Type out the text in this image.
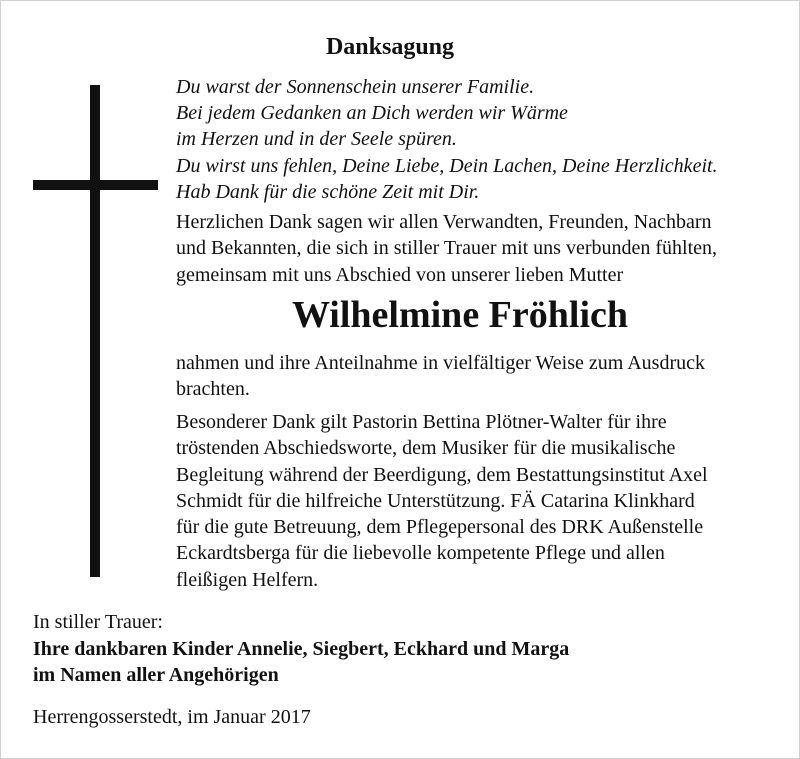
Danksagung
Du warst der Sonnenschein unserer Familie.
Bei jedem Gedanken an Dich werden wir Wärme
im Herzen und in der Seele spüren.
Du wirst uns fehlen, Deine Liebe, Dein Lachen, Deine Herzlichkeit.
Hab Dank für die schöne Zeit mit Dir.
Herzlichen Dank sagen wir allen Verwandten, Freunden, Nachbarn
und Bekannten, die sich in stiller Trauer mit uns verbunden fühlten,
gemeinsam mit uns Abschied von unserer lieben Mutter
Wilhelmine Fröhlich
nahmen und ihre Anteilnahme in vielfältiger Weise zum Ausdruck
brachten.
Besonderer Dank gilt Pastorin Bettina Plötner-Walter für ihre
tröstenden Abschiedsworte, dem Musiker für die musikalische
Begleitung während der Beerdigung, dem Bestattungsinstitut Axel
Schmidt für die hilfreiche Unterstützung. FÄ Catarina Klinkhard
für die gute Betreuung, dem Pflegepersonal des DRK Außenstelle
Eckardtsberga für die liebevolle kompetente Pflege und allen
fleißigen Helfern.
In stiller Trauer:
Ihre dankbaren Kinder Annelie, Siegbert, Eckhard und Marga
im Namen aller Angehörigen
Herrengosserstedt, im Januar 2017
